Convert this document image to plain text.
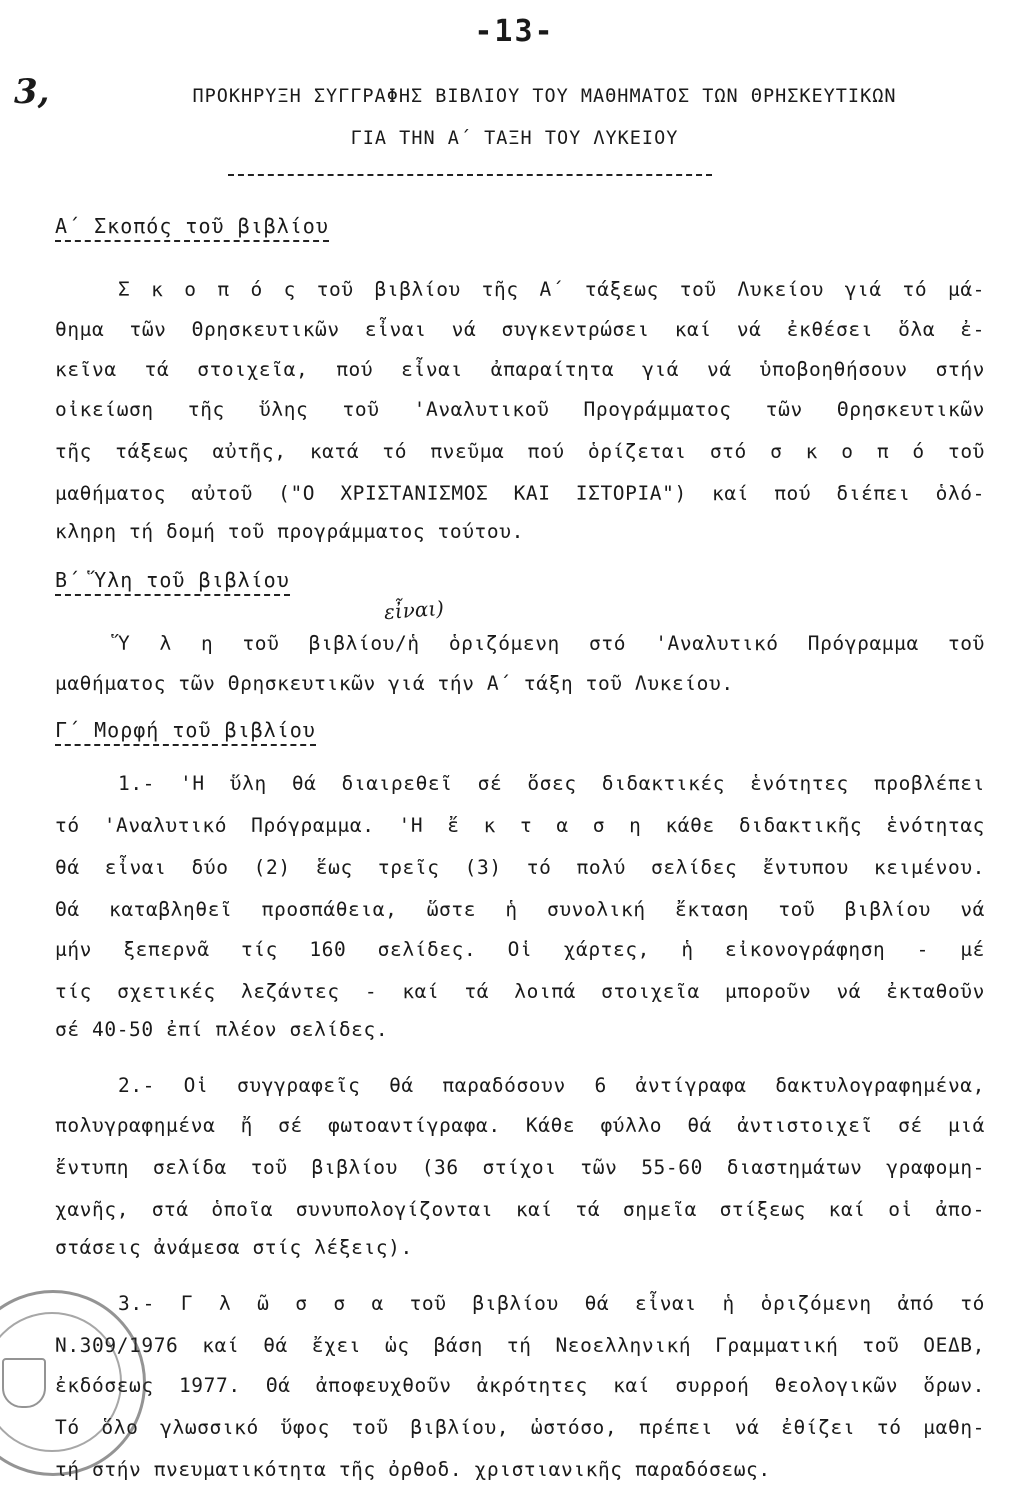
-13-
3,	ΠΡΟΚΗΡΥΞΗ ΣΥΓΓΡΑΦΗΣ ΒΙΒΛΙΟΥ ΤΟΥ ΜΑΘΗΜΑΤΟΣ ΤΩΝ ΘΡΗΣΚΕΥΤΙΚΩΝ
ΓΙΑ ΤΗΝ Α΄ ΤΑΞΗ ΤΟΥ ΛΥΚΕΙΟΥ
Α΄ Σκοπός τοῦ βιβλίου
Σ κ ο π ό ς τοῦ βιβλίου τῆς Α΄ τάξεως τοῦ Λυκείου γιά τό μά-
θημα τῶν Θρησκευτικῶν εἶναι νά συγκεντρώσει καί νά ἐκθέσει ὅλα ἐ-
κεῖνα τά στοιχεῖα, πού εἶναι ἀπαραίτητα γιά νά ὑποβοηθήσουν στήν
οἰκείωση τῆς ὕλης τοῦ 'Αναλυτικοῦ Προγράμματος τῶν Θρησκευτικῶν
τῆς τάξεως αὐτῆς, κατά τό πνεῦμα πού ὁρίζεται στό σ κ ο π ό τοῦ
μαθήματος αὐτοῦ ("Ο ΧΡΙΣΤΑΝΙΣΜΟΣ ΚΑΙ ΙΣΤΟΡΙΑ") καί πού διέπει ὁλό-
κληρη τή δομή τοῦ προγράμματος τούτου.
Β΄ Ὕλη τοῦ βιβλίου
εἶναι)
Ὕ λ η τοῦ βιβλίου/ἡ ὁριζόμενη στό 'Αναλυτικό Πρόγραμμα τοῦ
μαθήματος τῶν Θρησκευτικῶν γιά τήν Α΄ τάξη τοῦ Λυκείου.
Γ΄ Μορφή τοῦ βιβλίου
1.- 'Η ὕλη θά διαιρεθεῖ σέ ὅσες διδακτικές ἑνότητες προβλέπει
τό 'Αναλυτικό Πρόγραμμα. 'Η ἔ κ τ α σ η κάθε διδακτικῆς ἑνότητας
θά εἶναι δύο (2) ἕως τρεῖς (3) τό πολύ σελίδες ἔντυπου κειμένου.
Θά καταβληθεῖ προσπάθεια, ὥστε ἡ συνολική ἔκταση τοῦ βιβλίου νά
μήν ξεπερνᾶ τίς 160 σελίδες. Οἱ χάρτες, ἡ εἰκονογράφηση - μέ
τίς σχετικές λεζάντες - καί τά λοιπά στοιχεῖα μποροῦν νά ἐκταθοῦν
σέ 40-50 ἐπί πλέον σελίδες.
2.- Οἱ συγγραφεῖς θά παραδόσουν 6 ἀντίγραφα δακτυλογραφημένα,
πολυγραφημένα ἤ σέ φωτοαντίγραφα. Κάθε φύλλο θά ἀντιστοιχεῖ σέ μιά
ἔντυπη σελίδα τοῦ βιβλίου (36 στίχοι τῶν 55-60 διαστημάτων γραφομη-
χανῆς, στά ὁποῖα συνυπολογίζονται καί τά σημεῖα στίξεως καί οἱ ἀπο-
στάσεις ἀνάμεσα στίς λέξεις).
3.- Γ λ ῶ σ σ α τοῦ βιβλίου θά εἶναι ἡ ὁριζόμενη ἀπό τό
Ν.309/1976 καί θά ἔχει ὡς βάση τή Νεοελληνική Γραμματική τοῦ ΟΕΔΒ,
ἐκδόσεως 1977. Θά ἀποφευχθοῦν ἀκρότητες καί συρροή θεολογικῶν ὅρων.
Τό ὅλο γλωσσικό ὕφος τοῦ βιβλίου, ὡστόσο, πρέπει νά ἐθίζει τό μαθη-
τή στήν πνευματικότητα τῆς ὀρθοδ. χριστιανικῆς παραδόσεως.
